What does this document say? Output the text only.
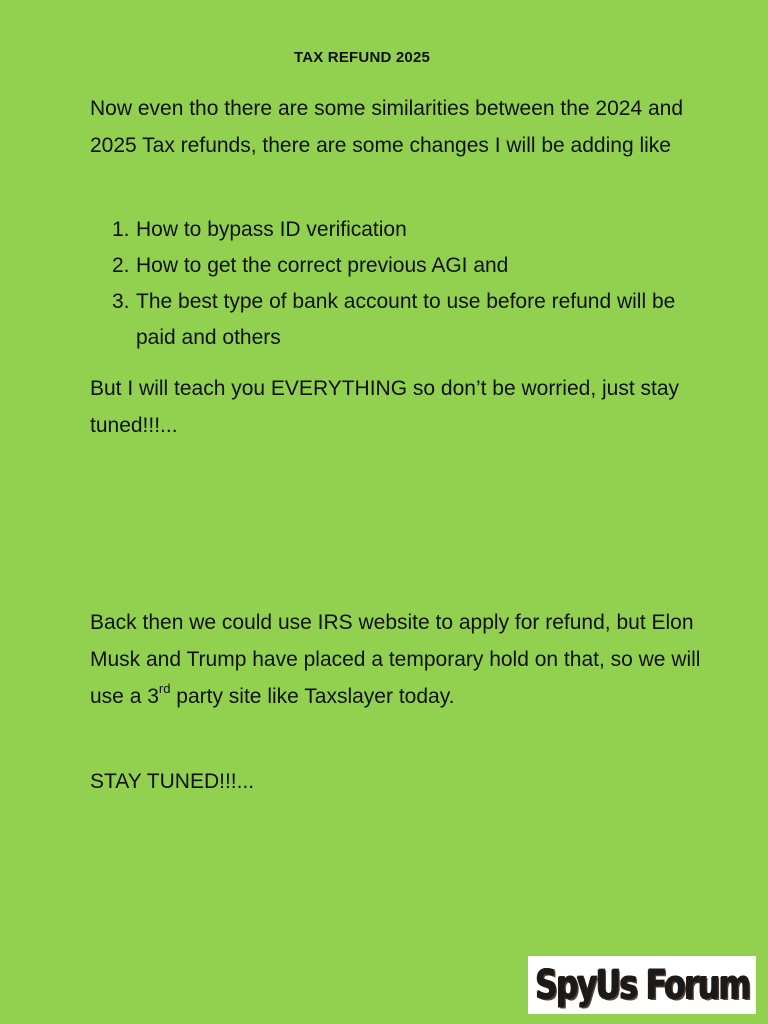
TAX REFUND 2025

Now even tho there are some similarities between the 2024 and 2025 Tax refunds, there are some changes I will be adding like

1. How to bypass ID verification
2. How to get the correct previous AGI and
3. The best type of bank account to use before refund will be paid and others

But I will teach you EVERYTHING so don’t be worried, just stay tuned!!!...

Back then we could use IRS website to apply for refund, but Elon Musk and Trump have placed a temporary hold on that, so we will use a 3rd party site like Taxslayer today.

STAY TUNED!!!...

SpyUs Forum
